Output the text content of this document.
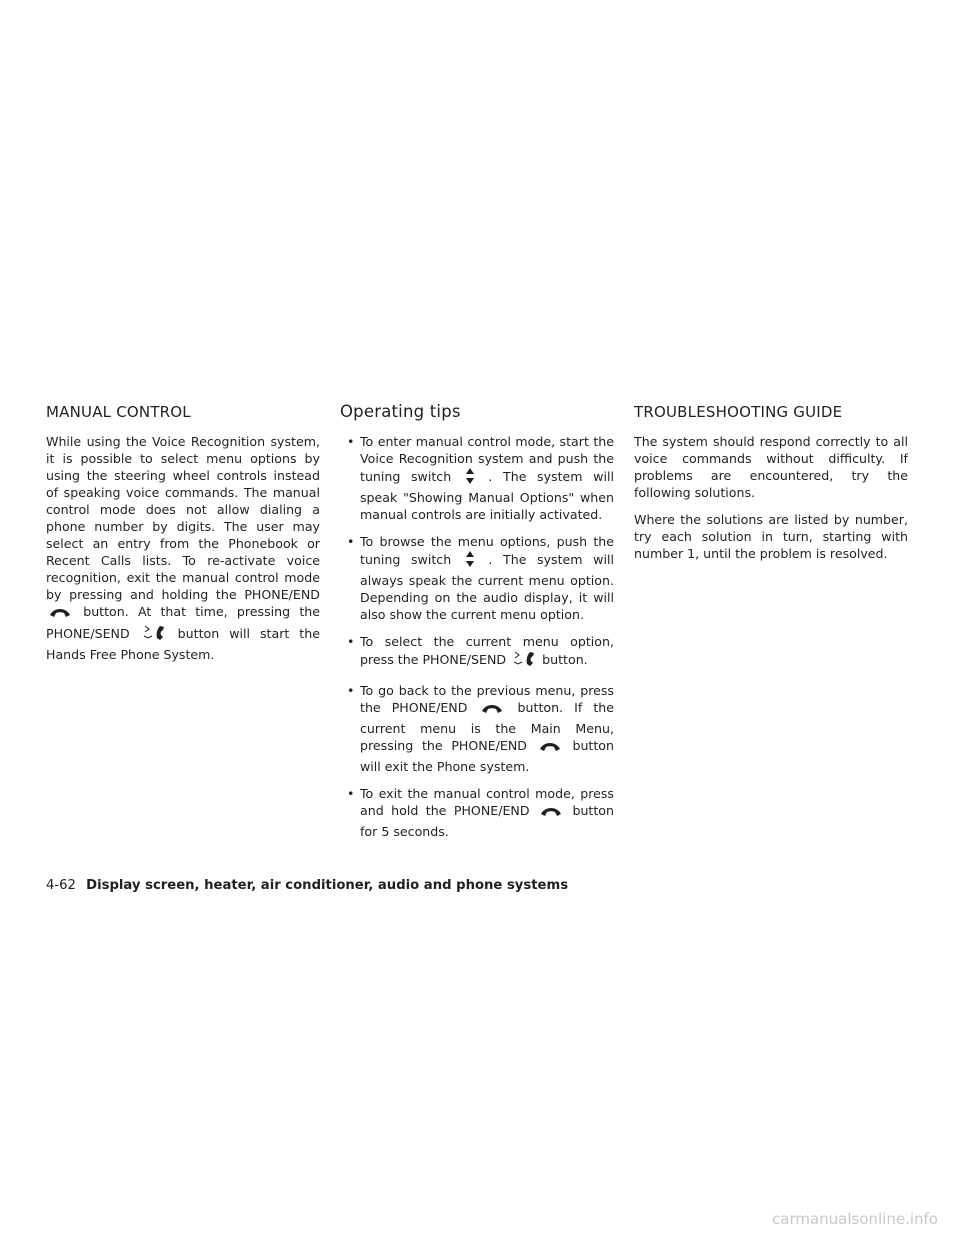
MANUAL CONTROL

While using the Voice Recognition system, it is possible to select menu options by using the steering wheel controls instead of speaking voice commands. The manual control mode does not allow dialing a phone number by digits. The user may select an entry from the Phonebook or Recent Calls lists. To re-activate voice recognition, exit the manual control mode by pressing and holding the PHONE/END  button. At that time, pressing the PHONE/SEND	button will start the Hands Free Phone System.

Operating tips
• To enter manual control mode, start the Voice Recognition system and push the tuning switch	. The system will speak "Showing Manual Options" when manual controls are initially activated.
• To browse the menu options, push the tuning switch	. The system will always speak the current menu option. Depending on the audio display, it will also show the current menu option.
• To select the current menu option, press the PHONE/SEND	button.
• To go back to the previous menu, press the PHONE/END	button. If the current menu is the Main Menu, pressing the PHONE/END	button will exit the Phone system.
• To exit the manual control mode, press and hold the PHONE/END	button for 5 seconds.
TROUBLESHOOTING GUIDE

The system should respond correctly to all voice commands without difficulty. If problems are encountered, try the following solutions.

Where the solutions are listed by number, try each solution in turn, starting with number 1, until the problem is resolved.

4-62 Display screen, heater, air conditioner, audio and phone systems
carmanualsonline.info
